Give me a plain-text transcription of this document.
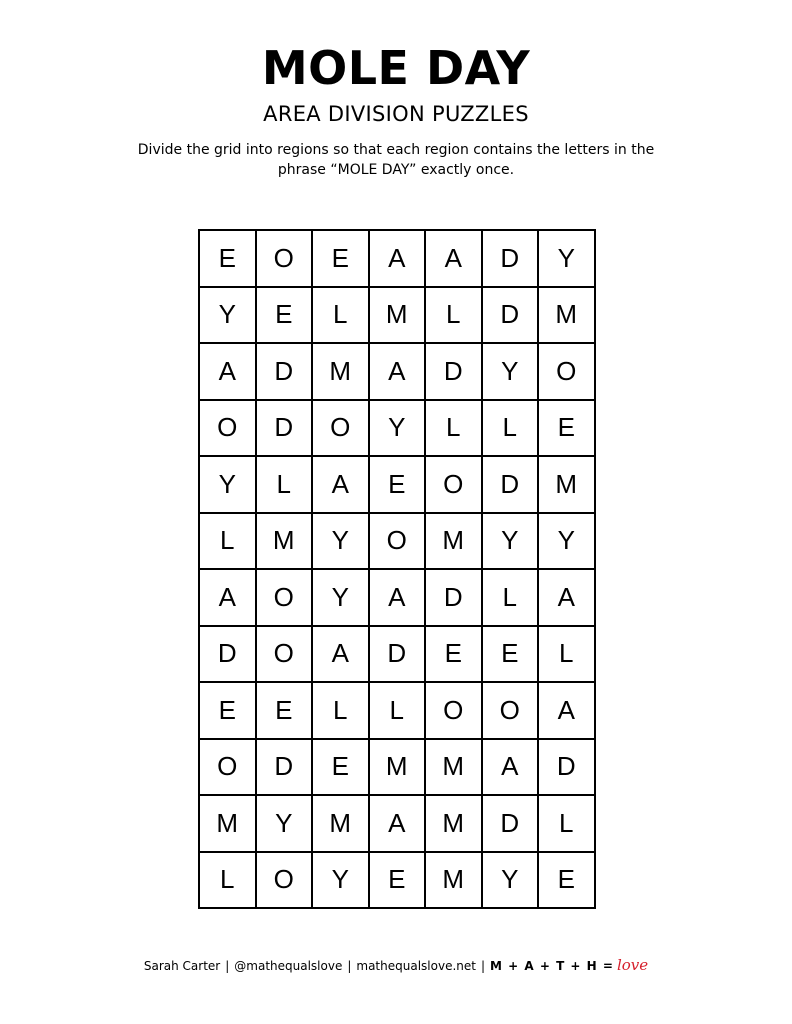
MOLE DAY
AREA DIVISION PUZZLES
Divide the grid into regions so that each region contains the letters in the
phrase “MOLE DAY” exactly once.
E	O	E	A	A	D	Y
Y	E	L	M	L	D	M
A	D	M	A	D	Y	O
O	D	O	Y	L	L	E
Y	L	A	E	O	D	M
L	M	Y	O	M	Y	Y
A	O	Y	A	D	L	A
D	O	A	D	E	E	L
E	E	L	L	O	O	A
O	D	E	M	M	A	D
M	Y	M	A	M	D	L
L	O	Y	E	M	Y	E
Sarah Carter | @mathequalslove | mathequalslove.net | M + A + T + H = love
